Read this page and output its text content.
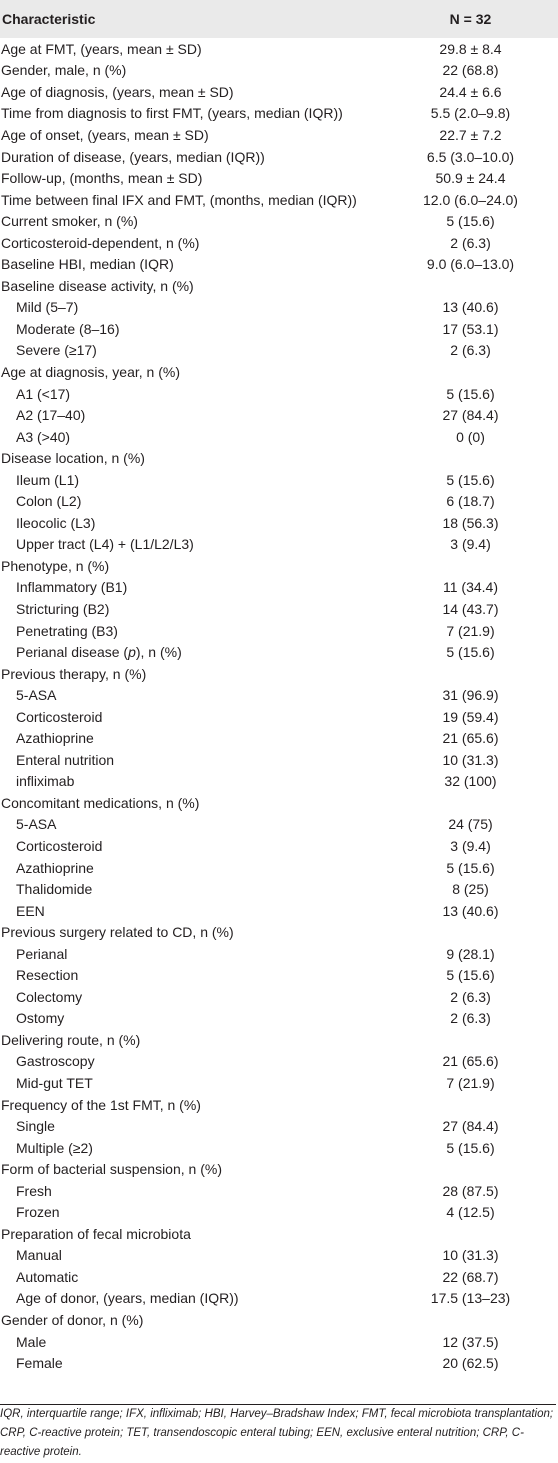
Characteristic	N = 32
Age at FMT, (years, mean ± SD)	29.8 ± 8.4
Gender, male, n (%)	22 (68.8)
Age of diagnosis, (years, mean ± SD)	24.4 ± 6.6
Time from diagnosis to first FMT, (years, median (IQR))	5.5 (2.0–9.8)
Age of onset, (years, mean ± SD)	22.7 ± 7.2
Duration of disease, (years, median (IQR))	6.5 (3.0–10.0)
Follow-up, (months, mean ± SD)	50.9 ± 24.4
Time between final IFX and FMT, (months, median (IQR))	12.0 (6.0–24.0)
Current smoker, n (%)	5 (15.6)
Corticosteroid-dependent, n (%)	2 (6.3)
Baseline HBI, median (IQR)	9.0 (6.0–13.0)
Baseline disease activity, n (%)	
Mild (5–7)	13 (40.6)
Moderate (8–16)	17 (53.1)
Severe (≥17)	2 (6.3)
Age at diagnosis, year, n (%)	
A1 (<17)	5 (15.6)
A2 (17–40)	27 (84.4)
A3 (>40)	0 (0)
Disease location, n (%)	
Ileum (L1)	5 (15.6)
Colon (L2)	6 (18.7)
Ileocolic (L3)	18 (56.3)
Upper tract (L4) + (L1/L2/L3)	3 (9.4)
Phenotype, n (%)	
Inflammatory (B1)	11 (34.4)
Stricturing (B2)	14 (43.7)
Penetrating (B3)	7 (21.9)
Perianal disease (p), n (%)	5 (15.6)
Previous therapy, n (%)	
5-ASA	31 (96.9)
Corticosteroid	19 (59.4)
Azathioprine	21 (65.6)
Enteral nutrition	10 (31.3)
infliximab	32 (100)
Concomitant medications, n (%)	
5-ASA	24 (75)
Corticosteroid	3 (9.4)
Azathioprine	5 (15.6)
Thalidomide	8 (25)
EEN	13 (40.6)
Previous surgery related to CD, n (%)	
Perianal	9 (28.1)
Resection	5 (15.6)
Colectomy	2 (6.3)
Ostomy	2 (6.3)
Delivering route, n (%)	
Gastroscopy	21 (65.6)
Mid-gut TET	7 (21.9)
Frequency of the 1st FMT, n (%)	
Single	27 (84.4)
Multiple (≥2)	5 (15.6)
Form of bacterial suspension, n (%)	
Fresh	28 (87.5)
Frozen	4 (12.5)
Preparation of fecal microbiota	
Manual	10 (31.3)
Automatic	22 (68.7)
Age of donor, (years, median (IQR))	17.5 (13–23)
Gender of donor, n (%)	
Male	12 (37.5)
Female	20 (62.5)
IQR, interquartile range; IFX, infliximab; HBI, Harvey–Bradshaw Index; FMT, fecal microbiota transplantation; CRP, C-reactive protein; TET, transendoscopic enteral tubing; EEN, exclusive enteral nutrition; CRP, C-reactive protein.
